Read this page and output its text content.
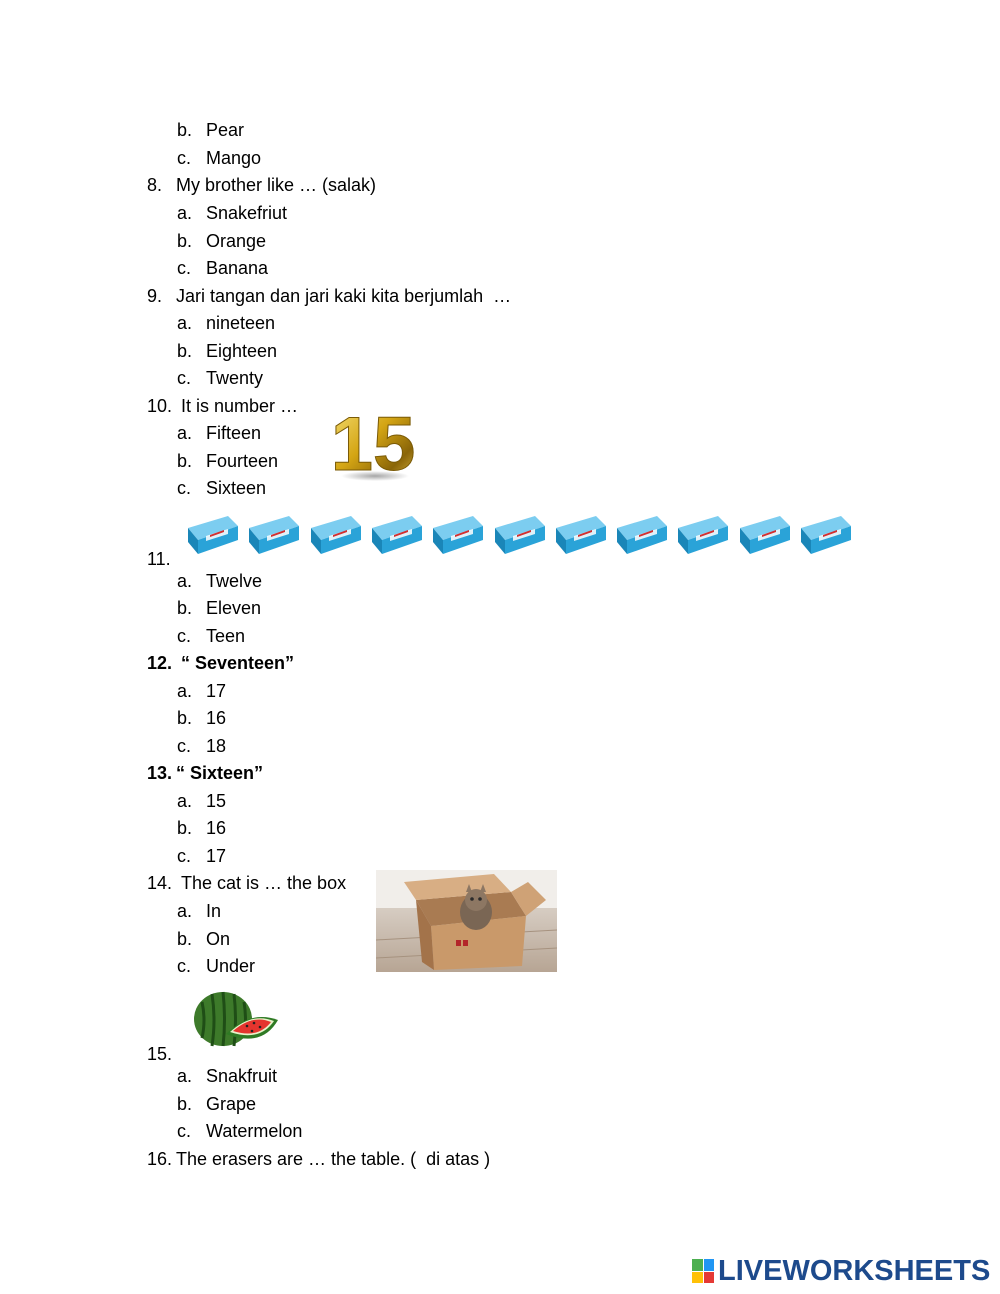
b. Pear
c. Mango
8. My brother like … (salak)
a. Snakefriut
b. Orange
c. Banana
9. Jari tangan dan jari kaki kita berjumlah  …
a. nineteen
b. Eighteen
c. Twenty
10. It is number …
a. Fifteen
b. Fourteen
c. Sixteen
15
11.
a. Twelve
b. Eleven
c. Teen
12. “ Seventeen”
a. 17
b. 16
c. 18
13. “ Sixteen”
a. 15
b. 16
c. 17
14. The cat is … the box
a. In
b. On
c. Under
15.
a. Snakfruit
b. Grape
c. Watermelon
16. The erasers are … the table. (  di atas )
LIVEWORKSHEETS
